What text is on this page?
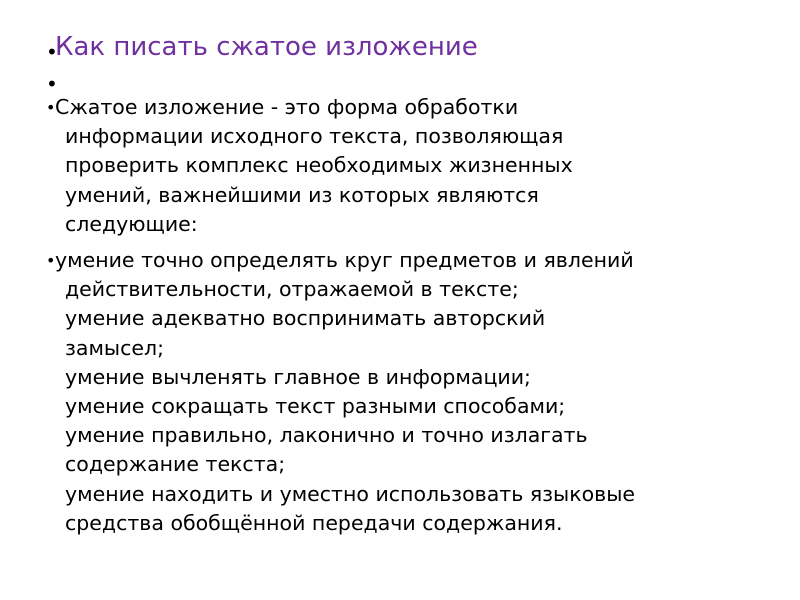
•
Как писать сжатое изложение
•
• Сжатое изложение - это форма обработки
информации исходного текста, позволяющая
проверить комплекс необходимых жизненных
умений, важнейшими из которых являются
следующие:

• умение точно определять круг предметов и явлений
действительности, отражаемой в тексте;
умение адекватно воспринимать авторский
замысел;
умение вычленять главное в информации;
умение сокращать текст разными способами;
умение правильно, лаконично и точно излагать
содержание текста;
умение находить и уместно использовать языковые
средства обобщённой передачи содержания.
